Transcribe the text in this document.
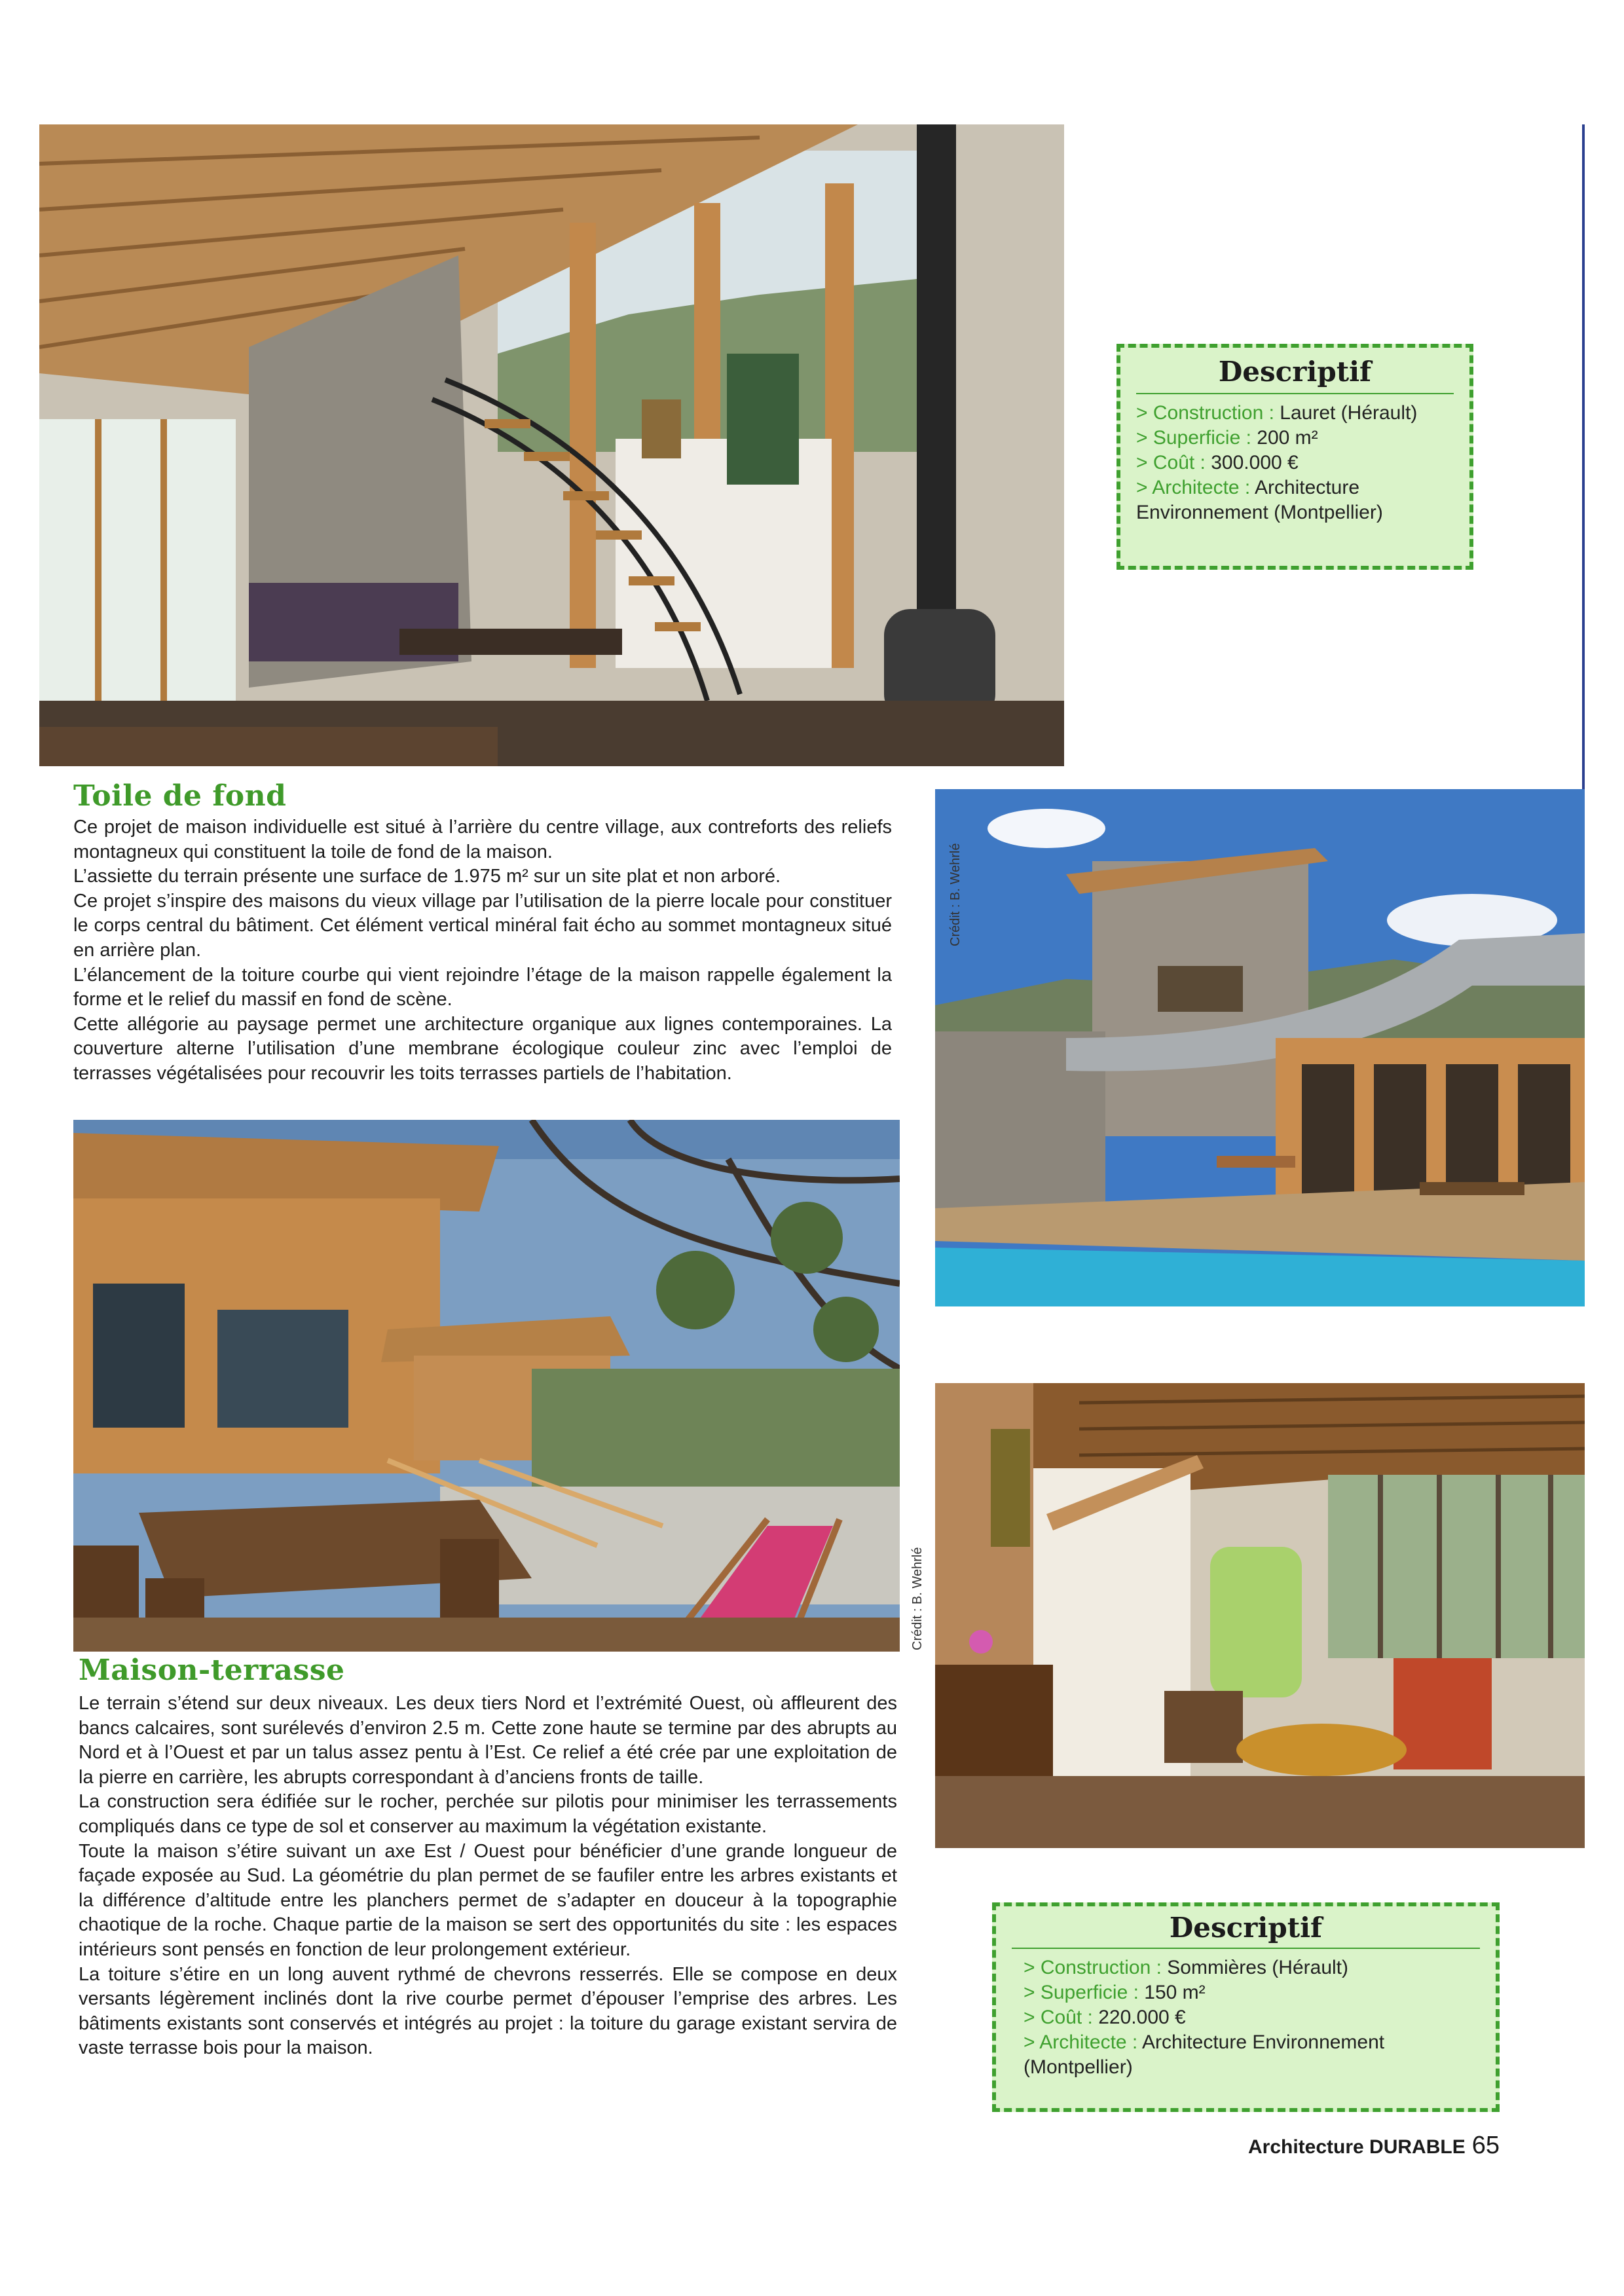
Descriptif
> Construction : Lauret (Hérault)
> Superficie : 200 m²
> Coût : 300.000 €
> Architecte : Architecture
Environnement (Montpellier)
Toile de fond

Ce projet de maison individuelle est situé à l’arrière du centre village, aux contreforts des reliefs montagneux qui constituent la toile de fond de la maison.

L’assiette du terrain présente une surface de 1.975 m² sur un site plat et non arboré.

Ce projet s’inspire des maisons du vieux village par l’utilisation de la pierre locale pour constituer le corps central du bâtiment. Cet élément vertical minéral fait écho au sommet montagneux situé en arrière plan.

L’élancement de la toiture courbe qui vient rejoindre l’étage de la maison rappelle également la forme et le relief du massif en fond de scène.

Cette allégorie au paysage permet une architecture organique aux lignes contemporaines. La couverture alterne l’utilisation d’une membrane écologique couleur zinc avec l’emploi de terrasses végétalisées pour recouvrir les toits terrasses partiels de l’habitation.

Crédit : B. Wehrlé
Crédit : B. Wehrlé
Maison-terrasse

Le terrain s’étend sur deux niveaux. Les deux tiers Nord et l’extrémité Ouest, où affleurent des bancs calcaires, sont surélevés d’environ 2.5 m. Cette zone haute se termine par des abrupts au Nord et à l’Ouest et par un talus assez pentu à l’Est. Ce relief a été crée par une exploitation de la pierre en carrière, les abrupts correspondant à d’anciens fronts de taille.

La construction sera édifiée sur le rocher, perchée sur pilotis pour minimiser les terrassements compliqués dans ce type de sol et conserver au maximum la végétation existante.

Toute la maison s’étire suivant un axe Est / Ouest pour bénéficier d’une grande longueur de façade exposée au Sud. La géométrie du plan permet de se faufiler entre les arbres existants et la différence d’altitude entre les planchers permet de s’adapter en douceur à la topographie chaotique de la roche. Chaque partie de la maison se sert des opportunités du site : les espaces intérieurs sont pensés en fonction de leur prolongement extérieur.

La toiture s’étire en un long auvent rythmé de chevrons resserrés. Elle se compose en deux versants légèrement inclinés dont la rive courbe permet d’épouser l’emprise des arbres. Les bâtiments existants sont conservés et intégrés au projet : la toiture du garage existant servira de vaste terrasse bois pour la maison.

Descriptif
> Construction : Sommières (Hérault)
> Superficie : 150 m²
> Coût : 220.000 €
> Architecte : Architecture Environnement
(Montpellier)
Architecture DURABLE 65
